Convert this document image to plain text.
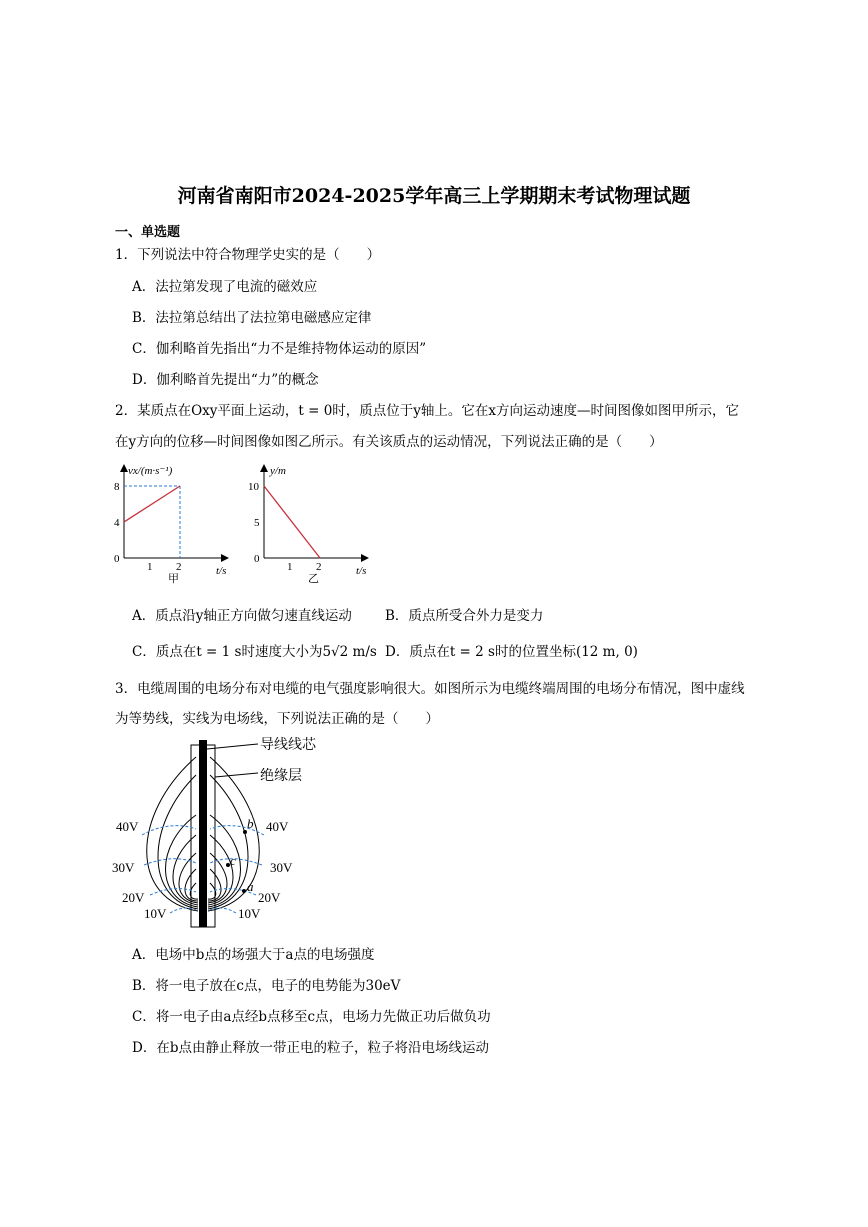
河南省南阳市2024-2025学年高三上学期期末考试物理试题
一、单选题
1．下列说法中符合物理学史实的是（　　）
A．法拉第发现了电流的磁效应
B．法拉第总结出了法拉第电磁感应定律
C．伽利略首先指出“力不是维持物体运动的原因”
D．伽利略首先提出“力”的概念
2．某质点在Oxy平面上运动，t = 0时，质点位于y轴上。它在x方向运动速度—时间图像如图甲所示，它
在y方向的位移—时间图像如图乙所示。有关该质点的运动情况，下列说法正确的是（　　）
vx/(m·s⁻¹)
t/s
8
4
0
1 2
甲
y/m
t/s
10
5
0
1 2
乙
A．质点沿y轴正方向做匀速直线运动 B．质点所受合外力是变力
C．质点在t = 1 s时速度大小为5√2 m/s D．质点在t = 2 s时的位置坐标(12 m, 0)
3．电缆周围的电场分布对电缆的电气强度影响很大。如图所示为电缆终端周围的电场分布情况，图中虚线
为等势线，实线为电场线，下列说法正确的是（　　）
导线线芯
绝缘层
40V
30V
20V
10V
40V
30V
20V
10V
b
c
a
A．电场中b点的场强大于a点的电场强度
B．将一电子放在c点，电子的电势能为30eV
C．将一电子由a点经b点移至c点，电场力先做正功后做负功
D．在b点由静止释放一带正电的粒子，粒子将沿电场线运动
